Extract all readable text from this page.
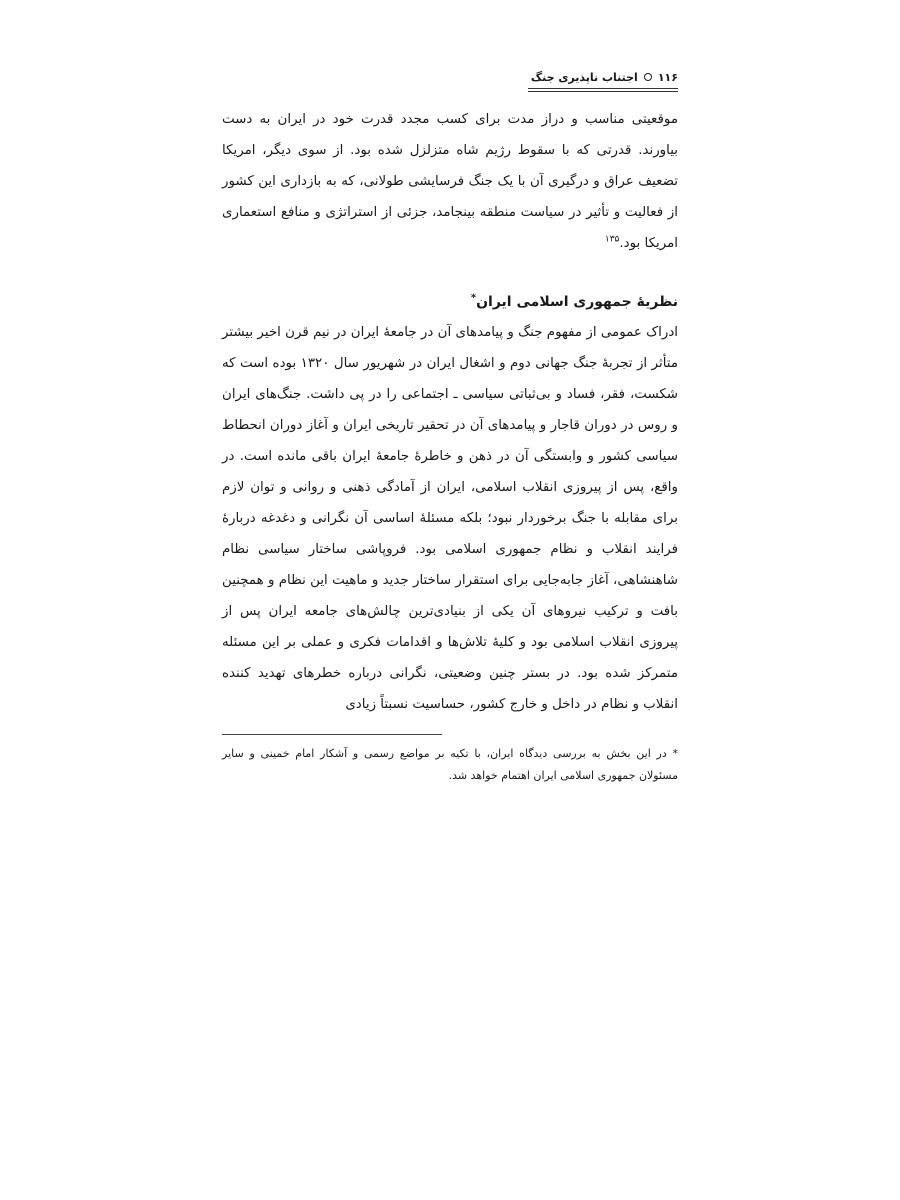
۱۱۶
اجتناب ناپذیری جنگ

موقعیتی مناسب و دراز مدت برای کسب مجدد قدرت خود در ایران به دست بیاورند. قدرتی که با سقوط رژیم شاه متزلزل شده بود. از سوی دیگر، امریکا تضعیف عراق و درگیری آن با یک جنگ فرسایشی طولانی، که به بازداری این کشور از فعالیت و تأثیر در سیاست منطقه بینجامد، جزئی از استراتژی و منافع استعماری امریکا بود.$^{۱۳۵}$

نظریهٔ جمهوری اسلامی ایران*

ادراک عمومی از مفهوم جنگ و پیامدهای آن در جامعهٔ ایران در نیم قرن اخیر بیشتر متأثر از تجربهٔ جنگ جهانی دوم و اشغال ایران در شهریور سال ۱۳۲۰ بوده است که شکست، فقر، فساد و بی‌ثباتی سیاسی ـ اجتماعی را در پی داشت. جنگ‌های ایران و روس در دوران قاجار و پیامدهای آن در تحقیر تاریخی ایران و آغاز دوران انحطاط سیاسی کشور و وابستگی آن در ذهن و خاطرهٔ جامعهٔ ایران باقی مانده است. در واقع، پس از پیروزی انقلاب اسلامی، ایران از آمادگی ذهنی و روانی و توان لازم برای مقابله با جنگ برخوردار نبود؛ بلکه مسئلهٔ اساسی آن نگرانی و دغدغه دربارهٔ فرایند انقلاب و نظام جمهوری اسلامی بود. فروپاشی ساختار سیاسی نظام شاهنشاهی، آغاز جابه‌جایی برای استقرار ساختار جدید و ماهیت این نظام و همچنین بافت و ترکیب نیروهای آن یکی از بنیادی‌ترین چالش‌های جامعه ایران پس از پیروزی انقلاب اسلامی بود و کلیهٔ تلاش‌ها و اقدامات فکری و عملی بر این مسئله متمرکز شده بود. در بستر چنین وضعیتی، نگرانی درباره خطرهای تهدید کننده انقلاب و نظام در داخل و خارج کشور، حساسیت نسبتاً زیادی

* در این بخش به بررسی دیدگاه ایران، با تکیه بر مواضع رسمی و آشکار امام خمینی و سایر مسئولان جمهوری اسلامی ایران اهتمام خواهد شد.
